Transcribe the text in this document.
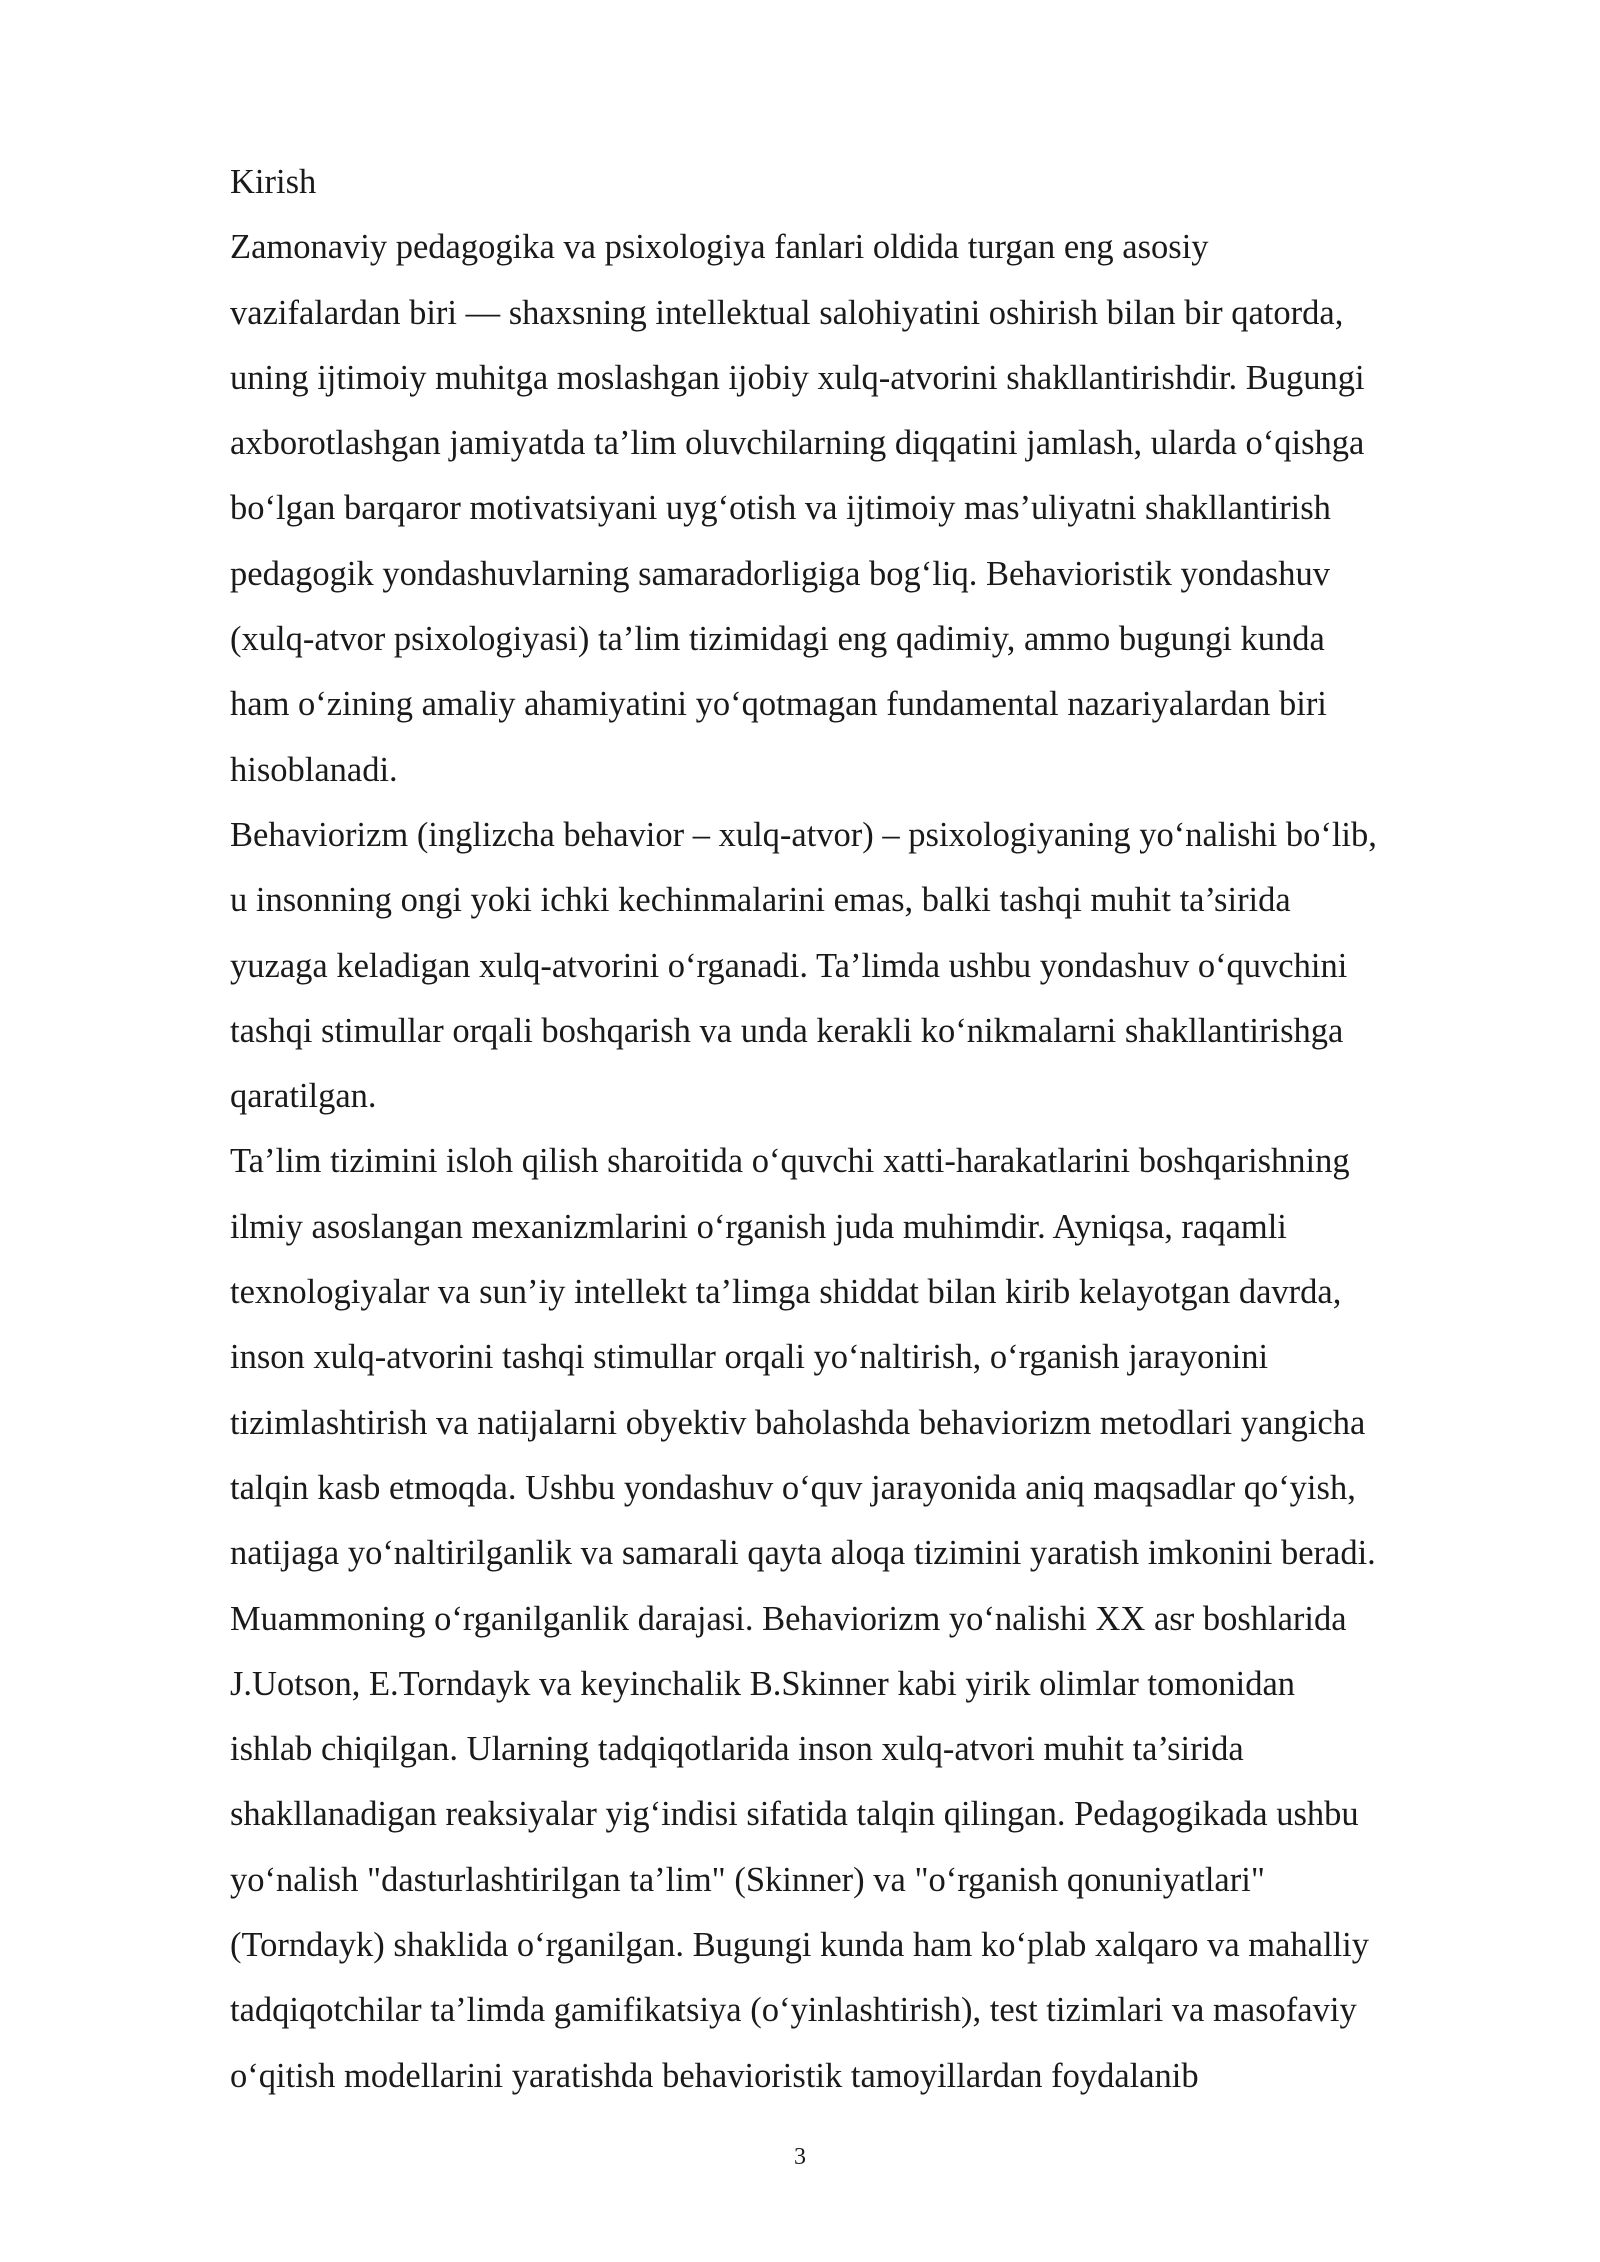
Kirish
Zamonaviy pedagogika va psixologiya fanlari oldida turgan eng asosiy
vazifalardan biri — shaxsning intellektual salohiyatini oshirish bilan bir qatorda,
uning ijtimoiy muhitga moslashgan ijobiy xulq-atvorini shakllantirishdir. Bugungi
axborotlashgan jamiyatda ta’lim oluvchilarning diqqatini jamlash, ularda o‘qishga
bo‘lgan barqaror motivatsiyani uyg‘otish va ijtimoiy mas’uliyatni shakllantirish
pedagogik yondashuvlarning samaradorligiga bog‘liq. Behavioristik yondashuv
(xulq-atvor psixologiyasi) ta’lim tizimidagi eng qadimiy, ammo bugungi kunda
ham o‘zining amaliy ahamiyatini yo‘qotmagan fundamental nazariyalardan biri
hisoblanadi.
Behaviorizm (inglizcha behavior – xulq-atvor) – psixologiyaning yo‘nalishi bo‘lib,
u insonning ongi yoki ichki kechinmalarini emas, balki tashqi muhit ta’sirida
yuzaga keladigan xulq-atvorini o‘rganadi. Ta’limda ushbu yondashuv o‘quvchini
tashqi stimullar orqali boshqarish va unda kerakli ko‘nikmalarni shakllantirishga
qaratilgan.
Ta’lim tizimini isloh qilish sharoitida o‘quvchi xatti-harakatlarini boshqarishning
ilmiy asoslangan mexanizmlarini o‘rganish juda muhimdir. Ayniqsa, raqamli
texnologiyalar va sun’iy intellekt ta’limga shiddat bilan kirib kelayotgan davrda,
inson xulq-atvorini tashqi stimullar orqali yo‘naltirish, o‘rganish jarayonini
tizimlashtirish va natijalarni obyektiv baholashda behaviorizm metodlari yangicha
talqin kasb etmoqda. Ushbu yondashuv o‘quv jarayonida aniq maqsadlar qo‘yish,
natijaga yo‘naltirilganlik va samarali qayta aloqa tizimini yaratish imkonini beradi.
Muammoning o‘rganilganlik darajasi. Behaviorizm yo‘nalishi XX asr boshlarida
J.Uotson, E.Torndayk va keyinchalik B.Skinner kabi yirik olimlar tomonidan
ishlab chiqilgan. Ularning tadqiqotlarida inson xulq-atvori muhit ta’sirida
shakllanadigan reaksiyalar yig‘indisi sifatida talqin qilingan. Pedagogikada ushbu
yo‘nalish "dasturlashtirilgan ta’lim" (Skinner) va "o‘rganish qonuniyatlari"
(Torndayk) shaklida o‘rganilgan. Bugungi kunda ham ko‘plab xalqaro va mahalliy
tadqiqotchilar ta’limda gamifikatsiya (o‘yinlashtirish), test tizimlari va masofaviy
o‘qitish modellarini yaratishda behavioristik tamoyillardan foydalanib
3
